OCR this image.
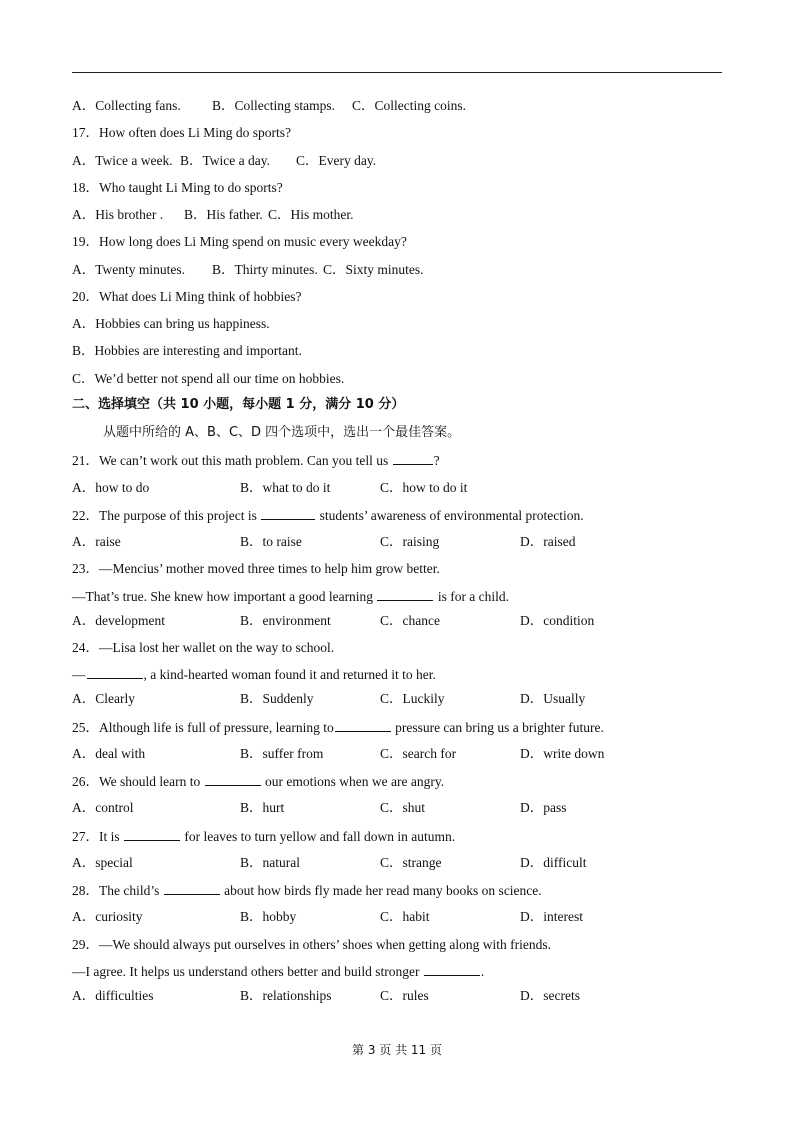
A．Collecting fans. B．Collecting stamps. C．Collecting coins.
17．How often does Li Ming do sports?
A．Twice a week. B．Twice a day. C．Every day.
18．Who taught Li Ming to do sports?
A．His brother . B．His father. C．His mother.
19．How long does Li Ming spend on music every weekday?
A．Twenty minutes. B．Thirty minutes. C．Sixty minutes.
20．What does Li Ming think of hobbies?
A．Hobbies can bring us happiness.
B．Hobbies are interesting and important.
C．We’d better not spend all our time on hobbies.
二、选择填空（共 10 小题，每小题 1 分，满分 10 分）
从题中所给的 A、B、C、D 四个选项中，选出一个最佳答案。
21．We can’t work out this math problem. Can you tell us	?
A．how to do	B．what to do it	C．how to do it
22．The purpose of this project is	students’ awareness of environmental protection.
A．raise	B．to raise	C．raising	D．raised
23．—Mencius’ mother moved three times to help him grow better.
—That’s true. She knew how important a good learning	is for a child.
A．development	B．environment	C．chance	D．condition
24．—Lisa lost her wallet on the way to school.
—	, a kind-hearted woman found it and returned it to her.
A．Clearly	B．Suddenly	C．Luckily	D．Usually
25．Although life is full of pressure, learning to	pressure can bring us a brighter future.
A．deal with	B．suffer from	C．search for	D．write down
26．We should learn to	our emotions when we are angry.
A．control	B．hurt	C．shut	D．pass
27．It is	for leaves to turn yellow and fall down in autumn.
A．special	B．natural	C．strange	D．difficult
28．The child’s	about how birds fly made her read many books on science.
A．curiosity	B．hobby	C．habit	D．interest
29．—We should always put ourselves in others’ shoes when getting along with friends.
—I agree. It helps us understand others better and build stronger	.
A．difficulties	B．relationships	C．rules	D．secrets
第 3 页 共 11 页
